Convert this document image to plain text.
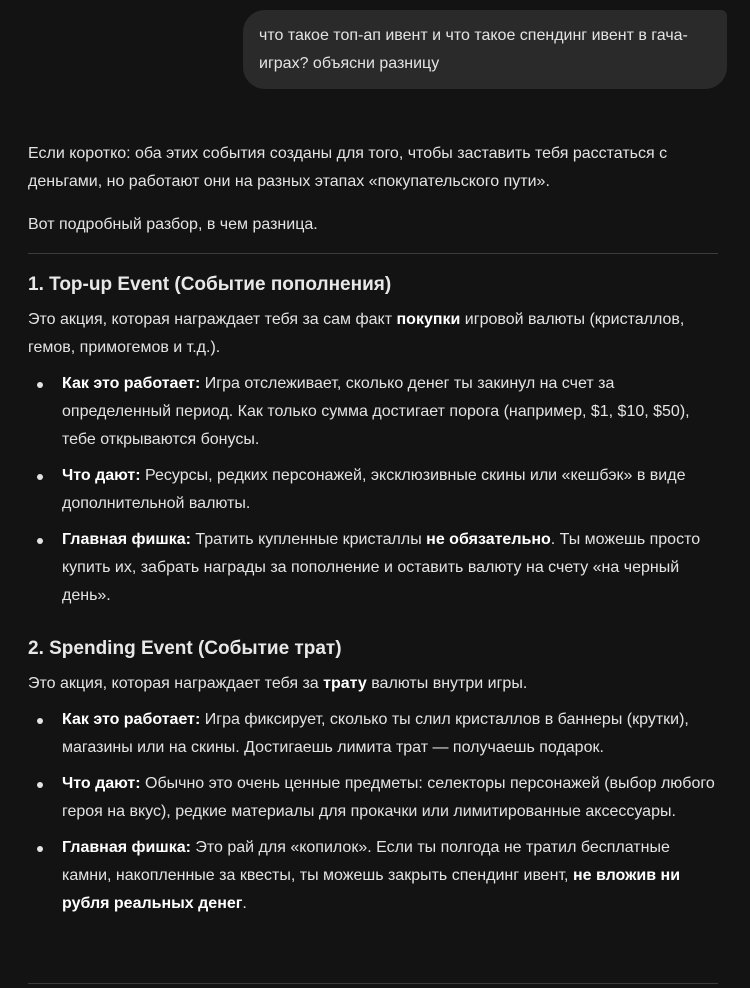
что такое топ-ап ивент и что такое спендинг ивент в гача-играх? объясни разницу

Если коротко: оба этих события созданы для того, чтобы заставить тебя расстаться с деньгами, но работают они на разных этапах «покупательского пути».

Вот подробный разбор, в чем разница.

1. Top-up Event (Событие пополнения)

Это акция, которая награждает тебя за сам факт покупки игровой валюты (кристаллов, гемов, примогемов и т.д.).

Как это работает: Игра отслеживает, сколько денег ты закинул на счет за определенный период. Как только сумма достигает порога (например, $1, $10, $50), тебе открываются бонусы.
Что дают: Ресурсы, редких персонажей, эксклюзивные скины или «кешбэк» в виде дополнительной валюты.
Главная фишка: Тратить купленные кристаллы не обязательно. Ты можешь просто купить их, забрать награды за пополнение и оставить валюту на счету «на черный день».
2. Spending Event (Событие трат)

Это акция, которая награждает тебя за трату валюты внутри игры.

Как это работает: Игра фиксирует, сколько ты слил кристаллов в баннеры (крутки), магазины или на скины. Достигаешь лимита трат — получаешь подарок.
Что дают: Обычно это очень ценные предметы: селекторы персонажей (выбор любого героя на вкус), редкие материалы для прокачки или лимитированные аксессуары.
Главная фишка: Это рай для «копилок». Если ты полгода не тратил бесплатные камни, накопленные за квесты, ты можешь закрыть спендинг ивент, не вложив ни рубля реальных денег.
